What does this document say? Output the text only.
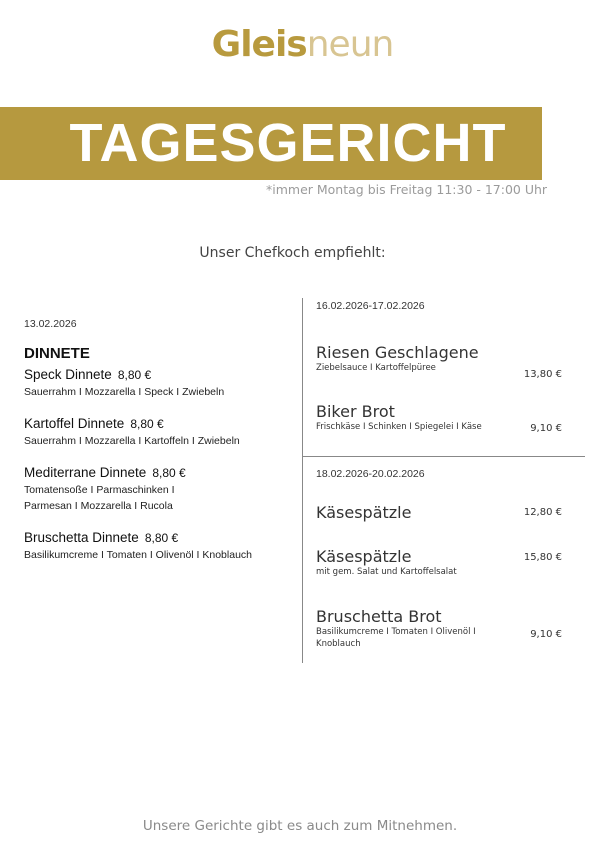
Gleisneun
TAGESGERICHT
*immer Montag bis Freitag 11:30 - 17:00 Uhr
Unser Chefkoch empfiehlt:
13.02.2026
DINNETE
Speck Dinnete 8,80 €
Sauerrahm I Mozzarella I Speck I Zwiebeln
Kartoffel Dinnete 8,80 €
Sauerrahm I Mozzarella I Kartoffeln I Zwiebeln
Mediterrane Dinnete 8,80 €
Tomatensoße I Parmaschinken I Parmesan I Mozzarella I Rucola
Bruschetta Dinnete 8,80 €
Basilikumcreme I Tomaten I Olivenöl I Knoblauch
16.02.2026-17.02.2026
Riesen Geschlagene
Ziebelsauce I Kartoffelpüree
13,80 €
Biker Brot
Frischkäse I Schinken I Spiegelei I Käse	9,10 €
18.02.2026-20.02.2026
Käsespätzle	12,80 €
Käsespätzle
mit gem. Salat und Kartoffelsalat
15,80 €
Bruschetta Brot
Basilikumcreme I Tomaten I Olivenöl I Knoblauch
9,10 €
Unsere Gerichte gibt es auch zum Mitnehmen.
